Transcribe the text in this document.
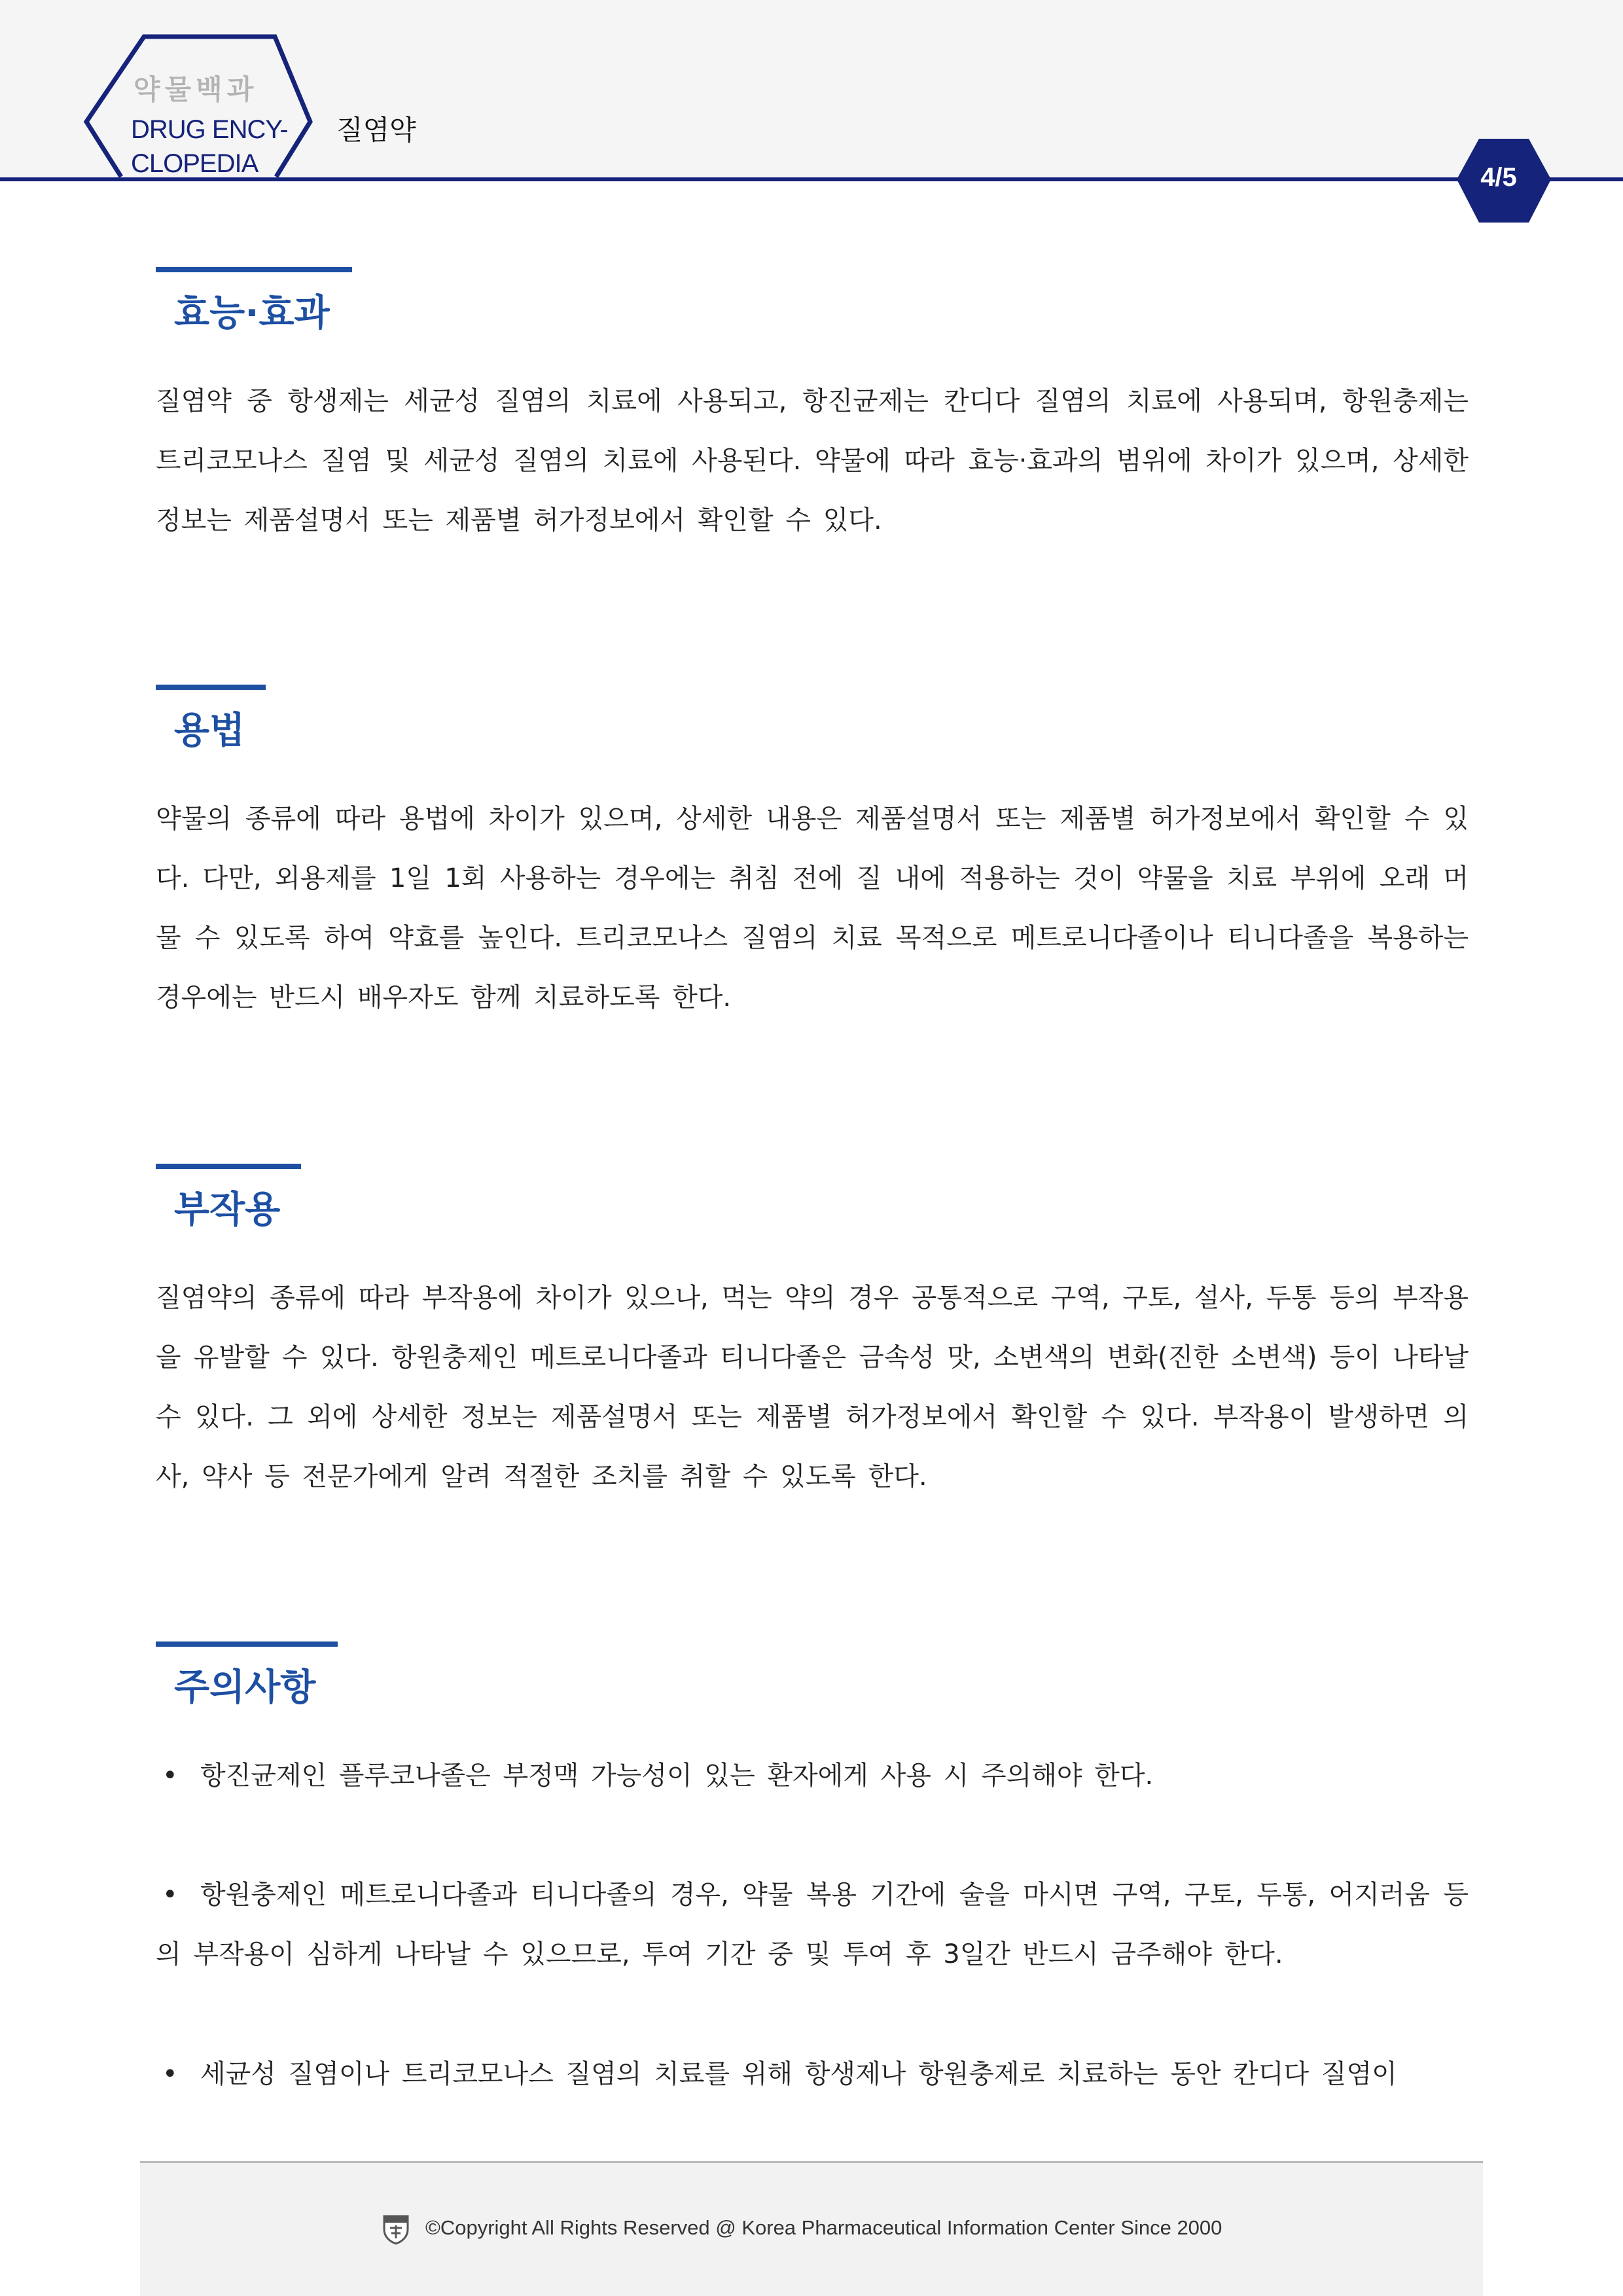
약물백과
DRUG ENCY-
CLOPEDIA
질염약
4/5
효능·효과

질염약 중 항생제는 세균성 질염의 치료에 사용되고, 항진균제는 칸디다 질염의 치료에 사용되며, 항원충제는 트리코모나스 질염 및 세균성 질염의 치료에 사용된다. 약물에 따라 효능·효과의 범위에 차이가 있으며, 상세한 정보는 제품설명서 또는 제품별 허가정보에서 확인할 수 있다.

용법

약물의 종류에 따라 용법에 차이가 있으며, 상세한 내용은 제품설명서 또는 제품별 허가정보에서 확인할 수 있다. 다만, 외용제를 1일 1회 사용하는 경우에는 취침 전에 질 내에 적용하는 것이 약물을 치료 부위에 오래 머물 수 있도록 하여 약효를 높인다. 트리코모나스 질염의 치료 목적으로 메트로니다졸이나 티니다졸을 복용하는 경우에는 반드시 배우자도 함께 치료하도록 한다.

부작용

질염약의 종류에 따라 부작용에 차이가 있으나, 먹는 약의 경우 공통적으로 구역, 구토, 설사, 두통 등의 부작용을 유발할 수 있다. 항원충제인 메트로니다졸과 티니다졸은 금속성 맛, 소변색의 변화(진한 소변색) 등이 나타날 수 있다. 그 외에 상세한 정보는 제품설명서 또는 제품별 허가정보에서 확인할 수 있다. 부작용이 발생하면 의사, 약사 등 전문가에게 알려 적절한 조치를 취할 수 있도록 한다.

주의사항

• 항진균제인 플루코나졸은 부정맥 가능성이 있는 환자에게 사용 시 주의해야 한다.

• 항원충제인 메트로니다졸과 티니다졸의 경우, 약물 복용 기간에 술을 마시면 구역, 구토, 두통, 어지러움 등의 부작용이 심하게 나타날 수 있으므로, 투여 기간 중 및 투여 후 3일간 반드시 금주해야 한다.

• 세균성 질염이나 트리코모나스 질염의 치료를 위해 항생제나 항원충제로 치료하는 동안 칸디다 질염이

©Copyright All Rights Reserved @ Korea Pharmaceutical Information Center Since 2000
